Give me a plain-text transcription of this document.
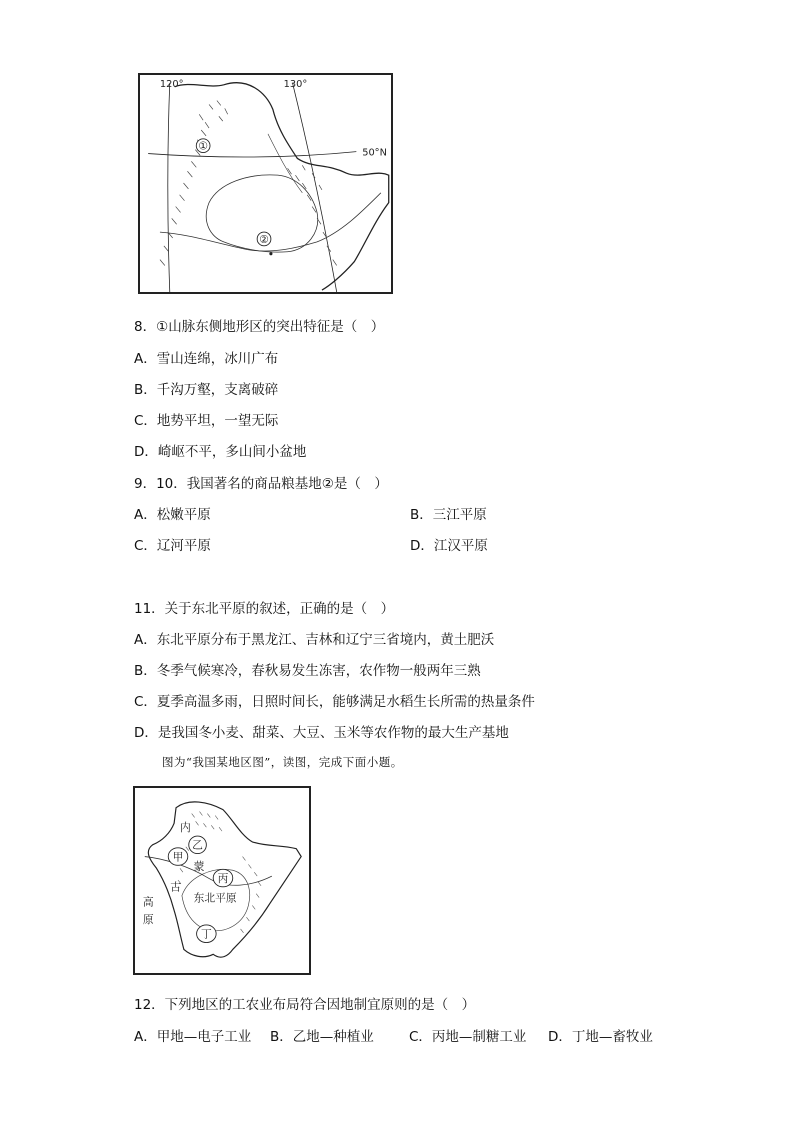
①
②
120°	130°
50°N
8．①山脉东侧地形区的突出特征是（　）
A．雪山连绵，冰川广布
B．千沟万壑，支离破碎
C．地势平坦，一望无际
D．崎岖不平，多山间小盆地
9．10．我国著名的商品粮基地②是（　）
A．松嫩平原	B．三江平原
C．辽河平原	D．江汉平原
11．关于东北平原的叙述，正确的是（　）
A．东北平原分布于黑龙江、吉林和辽宁三省境内，黄土肥沃
B．冬季气候寒冷，春秋易发生冻害，农作物一般两年三熟
C．夏季高温多雨，日照时间长，能够满足水稻生长所需的热量条件
D．是我国冬小麦、甜菜、大豆、玉米等农作物的最大生产基地
图为“我国某地区图”，读图，完成下面小题。
甲
乙
丙
丁
内
蒙
古
高
原
东北平原
12．下列地区的工农业布局符合因地制宜原则的是（　）
A．甲地—电子工业 B．乙地—种植业	C．丙地—制糖工业 D．丁地—畜牧业
